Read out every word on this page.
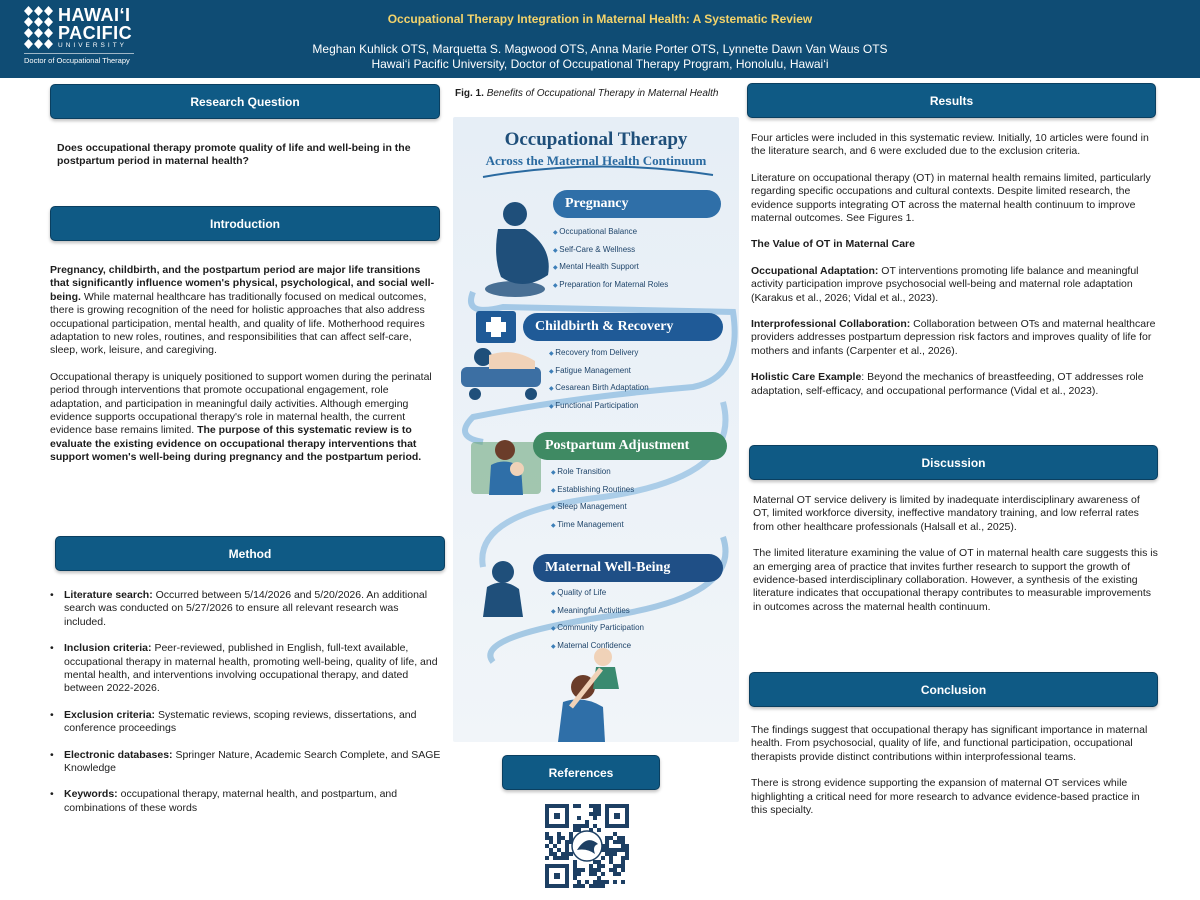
HAWAI‘I
PACIFIC
UNIVERSITY
Doctor of Occupational Therapy
Occupational Therapy Integration in Maternal Health: A Systematic Review
Meghan Kuhlick OTS, Marquetta S. Magwood OTS, Anna Marie Porter OTS, Lynnette Dawn Van Waus OTS
Hawai‘i Pacific University, Doctor of Occupational Therapy Program, Honolulu, Hawai‘i
Research Question
Does occupational therapy promote quality of life and well-being in the postpartum period in maternal health?
Introduction

Pregnancy, childbirth, and the postpartum period are major life transitions that significantly influence women's physical, psychological, and social well-being. While maternal healthcare has traditionally focused on medical outcomes, there is growing recognition of the need for holistic approaches that also address occupational participation, mental health, and quality of life. Motherhood requires adaptation to new roles, routines, and responsibilities that can affect self-care, sleep, work, leisure, and caregiving.

Occupational therapy is uniquely positioned to support women during the perinatal period through interventions that promote occupational engagement, role adaptation, and participation in meaningful daily activities. Although emerging evidence supports occupational therapy's role in maternal health, the current evidence base remains limited. The purpose of this systematic review is to evaluate the existing evidence on occupational therapy interventions that support women's well-being during pregnancy and the postpartum period.

Method
• Literature search: Occurred between 5/14/2026 and 5/20/2026. An additional search was conducted on 5/27/2026 to ensure all relevant research was included.
• Inclusion criteria: Peer-reviewed, published in English, full-text available, occupational therapy in maternal health, promoting well-being, quality of life, and mental health, and interventions involving occupational therapy, and dated between 2022-2026.
• Exclusion criteria: Systematic reviews, scoping reviews, dissertations, and conference proceedings
• Electronic databases: Springer Nature, Academic Search Complete, and SAGE Knowledge
• Keywords: occupational therapy, maternal health, and postpartum, and combinations of these words
Fig. 1. Benefits of Occupational Therapy in Maternal Health
Occupational Therapy
Across the Maternal Health Continuum
Pregnancy
◆ Occupational Balance
◆ Self-Care & Wellness
◆ Mental Health Support
◆ Preparation for Maternal Roles
Childbirth & Recovery
◆ Recovery from Delivery
◆ Fatigue Management
◆ Cesarean Birth Adaptation
◆ Functional Participation
Postpartum Adjustment
◆ Role Transition
◆ Establishing Routines
◆ Sleep Management
◆ Time Management
Maternal Well-Being
◆ Quality of Life
◆ Meaningful Activities
◆ Community Participation
◆ Maternal Confidence
References
Results

Four articles were included in this systematic review. Initially, 10 articles were found in the literature search, and 6 were excluded due to the exclusion criteria.

Literature on occupational therapy (OT) in maternal health remains limited, particularly regarding specific occupations and cultural contexts. Despite limited research, the evidence supports integrating OT across the maternal health continuum to improve maternal outcomes. See Figures 1.

The Value of OT in Maternal Care

Occupational Adaptation: OT interventions promoting life balance and meaningful activity participation improve psychosocial well-being and maternal role adaptation (Karakus et al., 2026; Vidal et al., 2023).

Interprofessional Collaboration: Collaboration between OTs and maternal healthcare providers addresses postpartum depression risk factors and improves quality of life for mothers and infants (Carpenter et al., 2026).

Holistic Care Example: Beyond the mechanics of breastfeeding, OT addresses role adaptation, self-efficacy, and occupational performance (Vidal et al., 2023).

Discussion

Maternal OT service delivery is limited by inadequate interdisciplinary awareness of OT, limited workforce diversity, ineffective mandatory training, and low referral rates from other healthcare professionals (Halsall et al., 2025).

The limited literature examining the value of OT in maternal health care suggests this is an emerging area of practice that invites further research to support the growth of evidence-based interdisciplinary collaboration. However, a synthesis of the existing literature indicates that occupational therapy contributes to measurable improvements in outcomes across the maternal health continuum.

Conclusion

The findings suggest that occupational therapy has significant importance in maternal health. From psychosocial, quality of life, and functional participation, occupational therapists provide distinct contributions within interprofessional teams.

There is strong evidence supporting the expansion of maternal OT services while highlighting a critical need for more research to advance evidence-based practice in this specialty.
